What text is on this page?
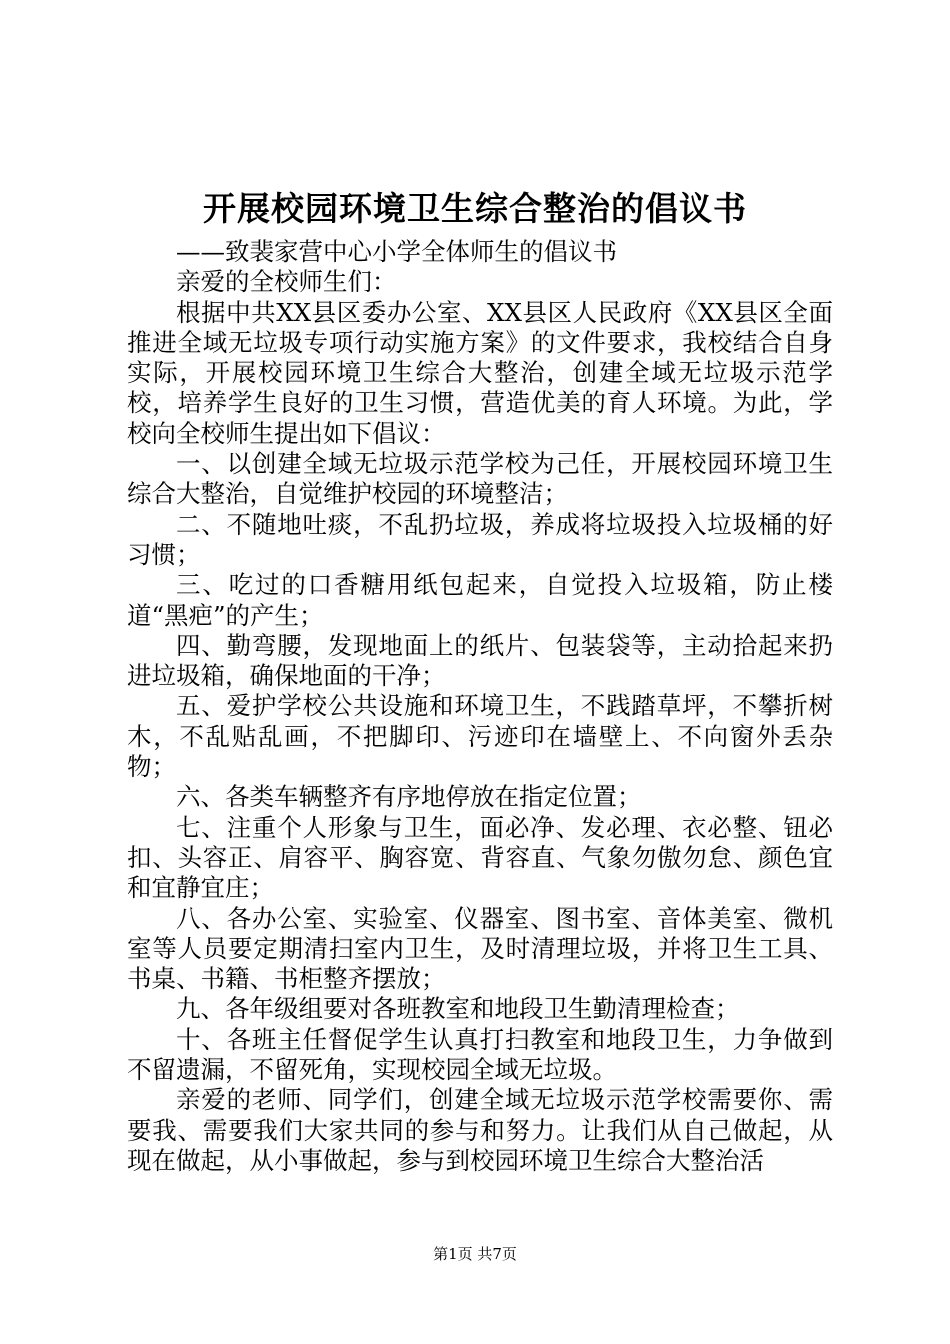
开展校园环境卫生综合整治的倡议书

——致裴家营中心小学全体师生的倡议书

亲爱的全校师生们：

根据中共XX县区委办公室、XX县区人民政府《XX县区全面推进全域无垃圾专项行动实施方案》的文件要求，我校结合自身实际，开展校园环境卫生综合大整治，创建全域无垃圾示范学校，培养学生良好的卫生习惯，营造优美的育人环境。为此，学校向全校师生提出如下倡议：

一、以创建全域无垃圾示范学校为己任，开展校园环境卫生综合大整治，自觉维护校园的环境整洁；

二、不随地吐痰，不乱扔垃圾，养成将垃圾投入垃圾桶的好习惯；

三、吃过的口香糖用纸包起来，自觉投入垃圾箱，防止楼道“黑疤”的产生；

四、勤弯腰，发现地面上的纸片、包装袋等，主动拾起来扔进垃圾箱，确保地面的干净；

五、爱护学校公共设施和环境卫生，不践踏草坪，不攀折树木，不乱贴乱画，不把脚印、污迹印在墙壁上、不向窗外丢杂物；

六、各类车辆整齐有序地停放在指定位置；

七、注重个人形象与卫生，面必净、发必理、衣必整、钮必扣、头容正、肩容平、胸容宽、背容直、气象勿傲勿怠、颜色宜和宜静宜庄；

八、各办公室、实验室、仪器室、图书室、音体美室、微机室等人员要定期清扫室内卫生，及时清理垃圾，并将卫生工具、书桌、书籍、书柜整齐摆放；

九、各年级组要对各班教室和地段卫生勤清理检查；

十、各班主任督促学生认真打扫教室和地段卫生，力争做到不留遗漏，不留死角，实现校园全域无垃圾。

亲爱的老师、同学们，创建全域无垃圾示范学校需要你、需要我、需要我们大家共同的参与和努力。让我们从自己做起，从现在做起，从小事做起，参与到校园环境卫生综合大整治活

第1页 共7页
